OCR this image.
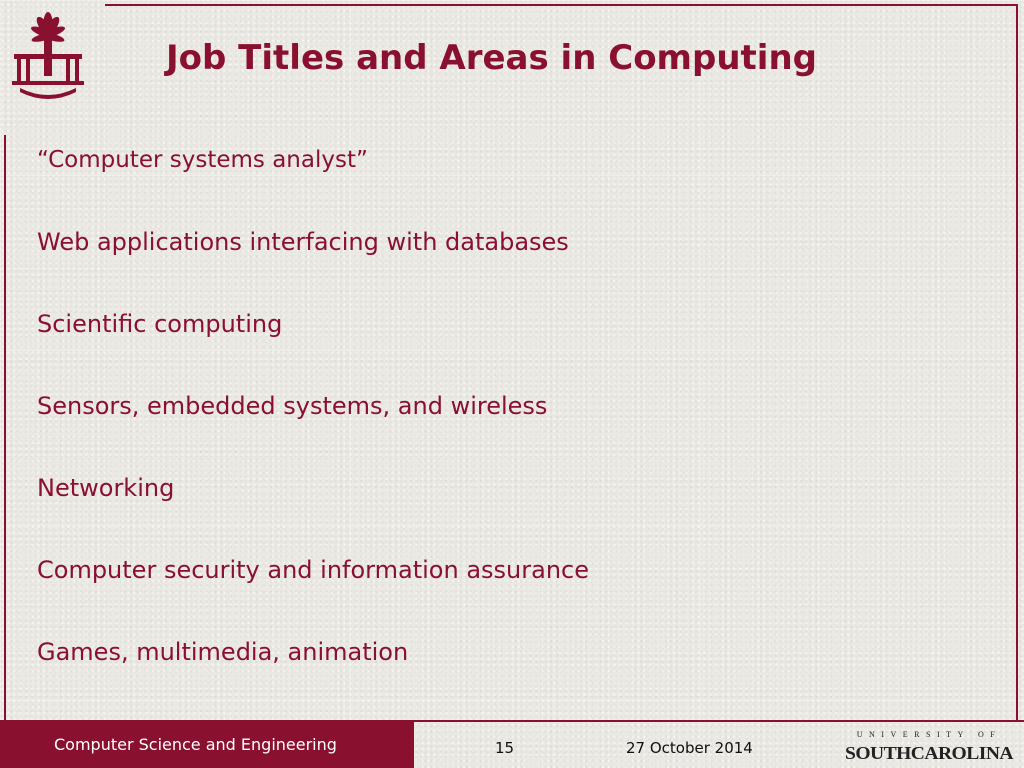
Job Titles and Areas in Computing
“Computer systems analyst”
Web applications interfacing with databases
Scientific computing
Sensors, embedded systems, and wireless
Networking
Computer security and information assurance
Games, multimedia, animation
Computer Science and Engineering	15	27 October 2014
UNIVERSITY OF
SOUTHCAROLINA
